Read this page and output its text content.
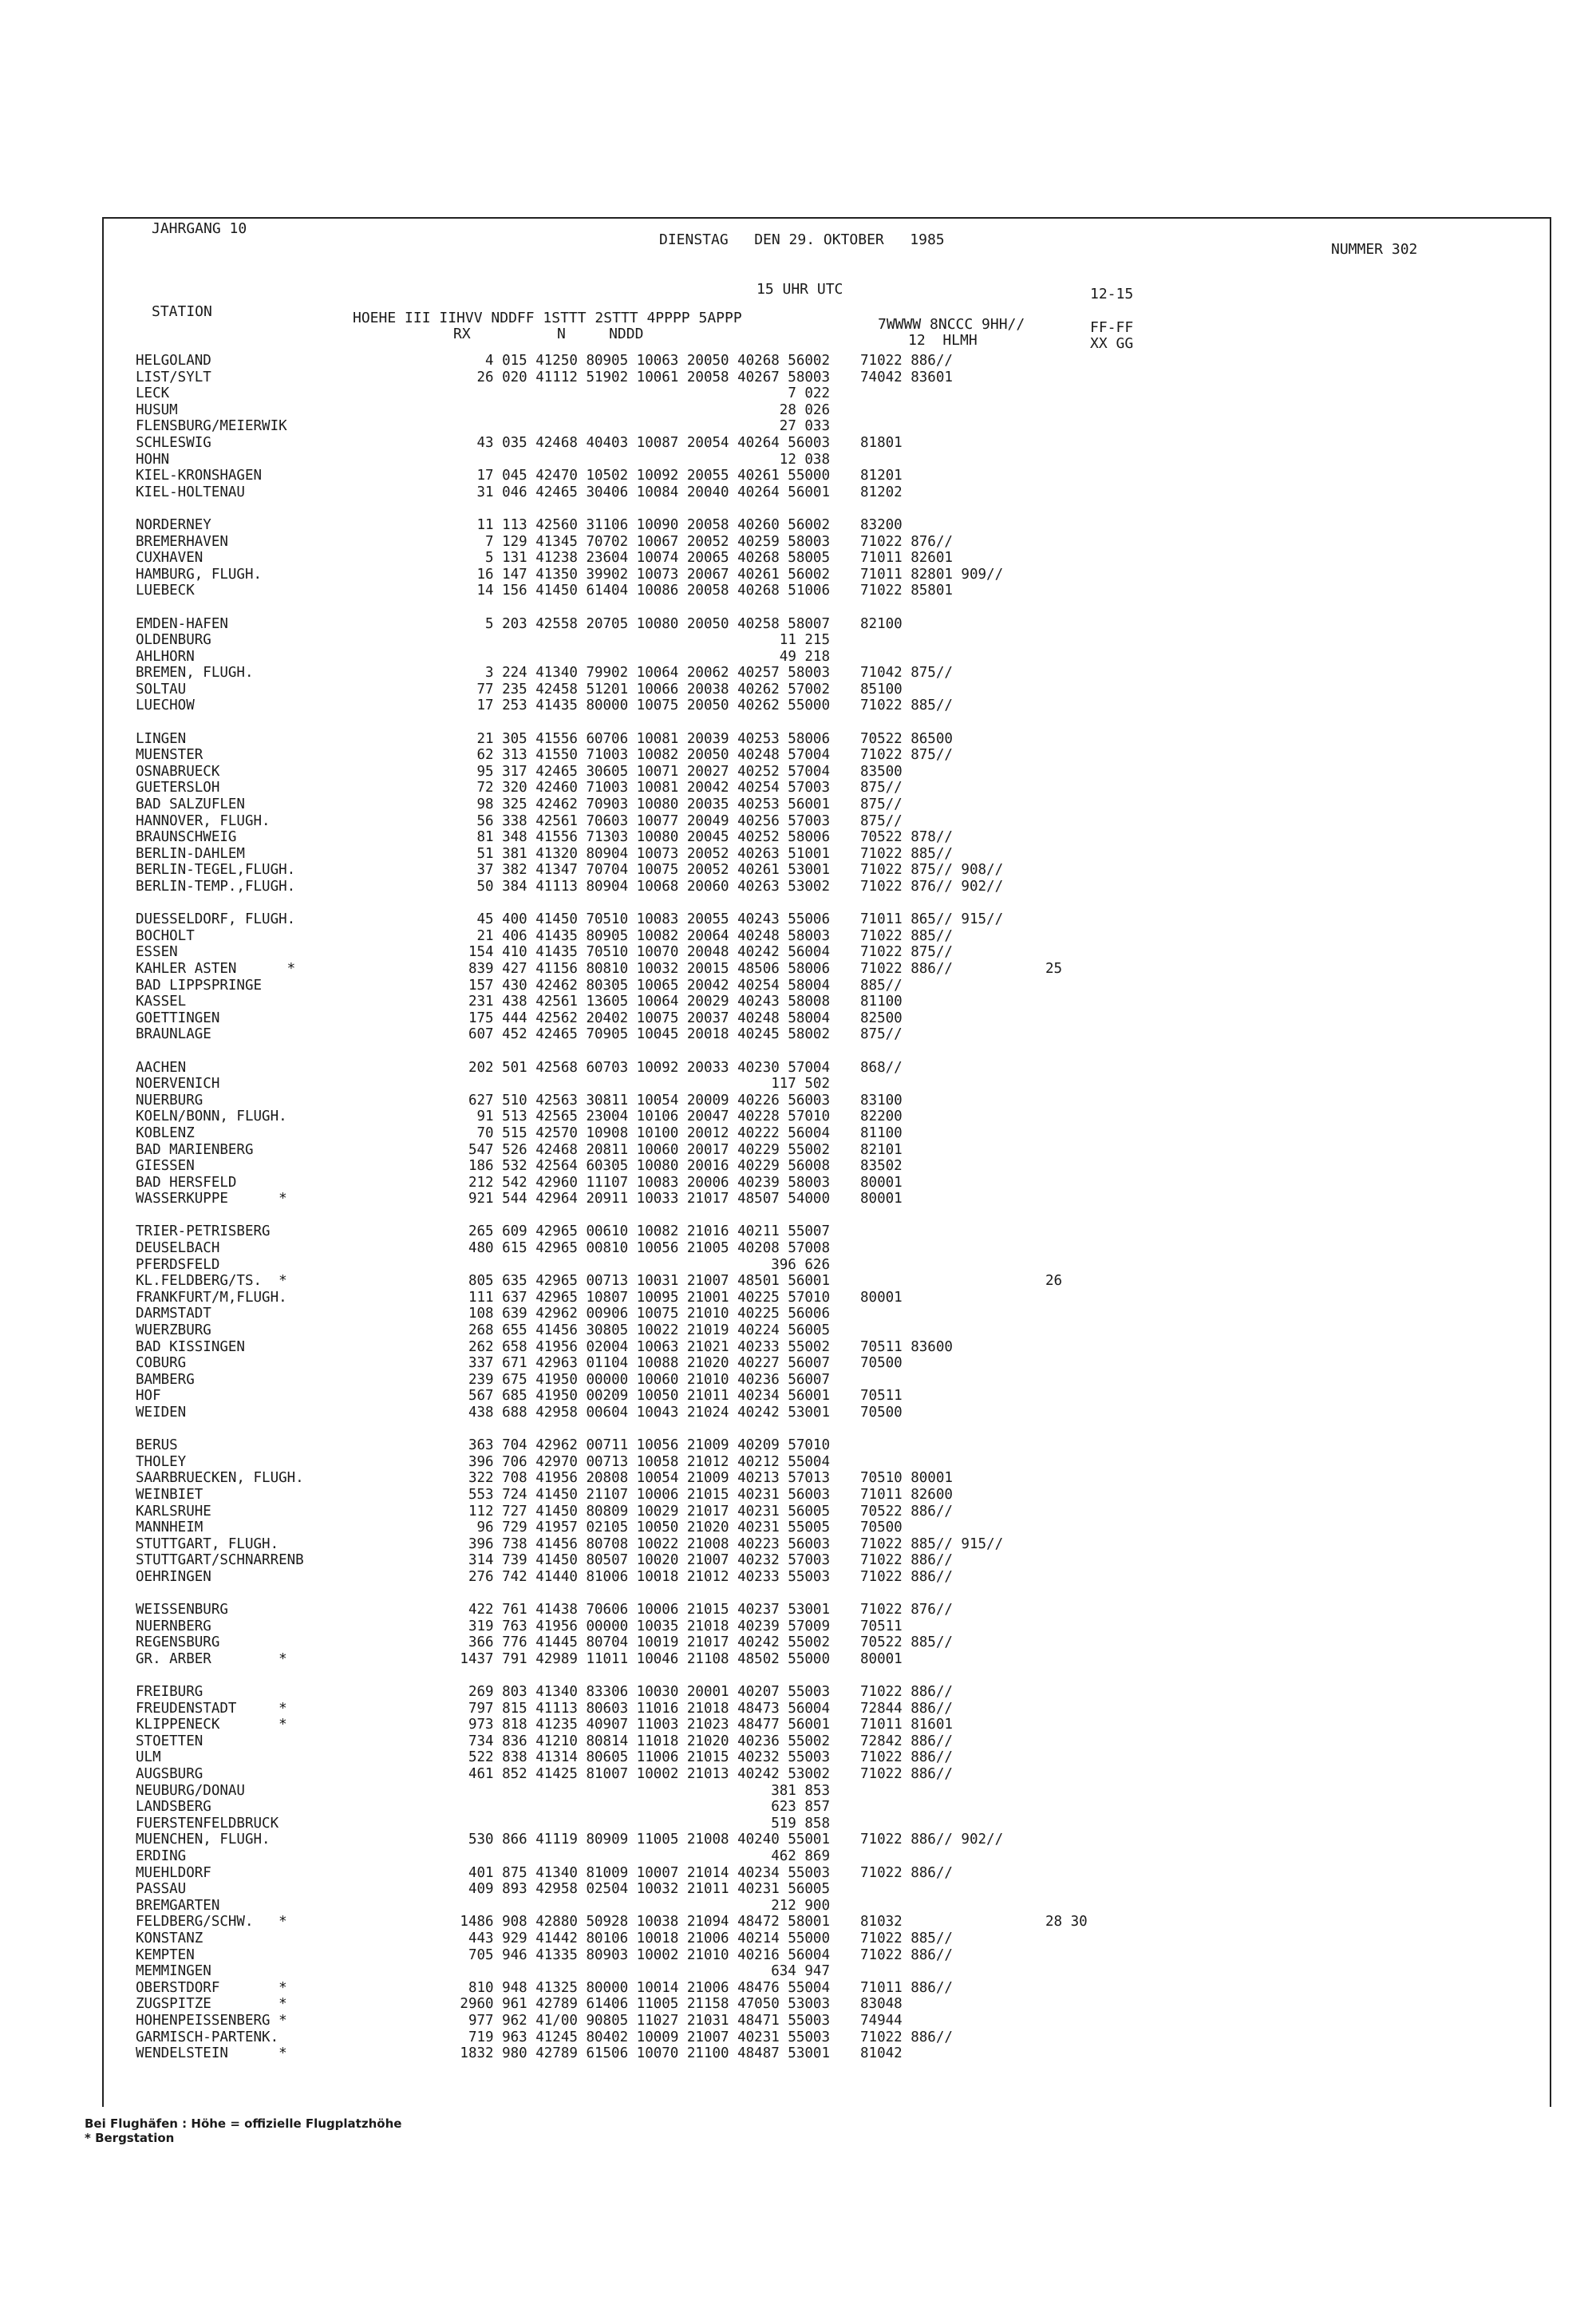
JAHRGANG 10
DIENSTAG   DEN 29. OKTOBER   1985
NUMMER 302
15 UHR UTC	12-15
STATION	HOEHE III IIHVV NDDFF 1STTT 2STTT 4PPPP 5APPP
RX          N     NDDD
7WWWW 8NCCC 9HH//
12  HLMH
FF-FF
XX GG
HELGOLAND
LIST/SYLT
LECK
HUSUM
FLENSBURG/MEIERWIK
SCHLESWIG
HOHN
KIEL-KRONSHAGEN
KIEL-HOLTENAU
NORDERNEY
BREMERHAVEN
CUXHAVEN
HAMBURG, FLUGH.
LUEBECK
EMDEN-HAFEN
OLDENBURG
AHLHORN
BREMEN, FLUGH.
SOLTAU
LUECHOW
LINGEN
MUENSTER
OSNABRUECK
GUETERSLOH
BAD SALZUFLEN
HANNOVER, FLUGH.
BRAUNSCHWEIG
BERLIN-DAHLEM
BERLIN-TEGEL,FLUGH.
BERLIN-TEMP.,FLUGH.
DUESSELDORF, FLUGH.
BOCHOLT
ESSEN
KAHLER ASTEN      *
BAD LIPPSPRINGE
KASSEL
GOETTINGEN
BRAUNLAGE
AACHEN
NOERVENICH
NUERBURG
KOELN/BONN, FLUGH.
KOBLENZ
BAD MARIENBERG
GIESSEN
BAD HERSFELD
WASSERKUPPE      *
TRIER-PETRISBERG
DEUSELBACH
PFERDSFELD
KL.FELDBERG/TS.  *
FRANKFURT/M,FLUGH.
DARMSTADT
WUERZBURG
BAD KISSINGEN
COBURG
BAMBERG
HOF
WEIDEN
BERUS
THOLEY
SAARBRUECKEN, FLUGH.
WEINBIET
KARLSRUHE
MANNHEIM
STUTTGART, FLUGH.
STUTTGART/SCHNARRENB
OEHRINGEN
WEISSENBURG
NUERNBERG
REGENSBURG
GR. ARBER        *
FREIBURG
FREUDENSTADT     *
KLIPPENECK       *
STOETTEN
ULM
AUGSBURG
NEUBURG/DONAU
LANDSBERG
FUERSTENFELDBRUCK
MUENCHEN, FLUGH.
ERDING
MUEHLDORF
PASSAU
BREMGARTEN
FELDBERG/SCHW.   *
KONSTANZ
KEMPTEN
MEMMINGEN
OBERSTDORF       *
ZUGSPITZE        *
HOHENPEISSENBERG *
GARMISCH-PARTENK.
WENDELSTEIN      *
4 015 41250 80905 10063 20050 40268 56002
26 020 41112 51902 10061 20058 40267 58003
7 022
28 026
27 033
43 035 42468 40403 10087 20054 40264 56003
12 038
17 045 42470 10502 10092 20055 40261 55000
31 046 42465 30406 10084 20040 40264 56001
11 113 42560 31106 10090 20058 40260 56002
7 129 41345 70702 10067 20052 40259 58003
5 131 41238 23604 10074 20065 40268 58005
16 147 41350 39902 10073 20067 40261 56002
14 156 41450 61404 10086 20058 40268 51006
5 203 42558 20705 10080 20050 40258 58007
11 215
49 218
3 224 41340 79902 10064 20062 40257 58003
77 235 42458 51201 10066 20038 40262 57002
17 253 41435 80000 10075 20050 40262 55000
21 305 41556 60706 10081 20039 40253 58006
62 313 41550 71003 10082 20050 40248 57004
95 317 42465 30605 10071 20027 40252 57004
72 320 42460 71003 10081 20042 40254 57003
98 325 42462 70903 10080 20035 40253 56001
56 338 42561 70603 10077 20049 40256 57003
81 348 41556 71303 10080 20045 40252 58006
51 381 41320 80904 10073 20052 40263 51001
37 382 41347 70704 10075 20052 40261 53001
50 384 41113 80904 10068 20060 40263 53002
45 400 41450 70510 10083 20055 40243 55006
21 406 41435 80905 10082 20064 40248 58003
154 410 41435 70510 10070 20048 40242 56004
839 427 41156 80810 10032 20015 48506 58006
157 430 42462 80305 10065 20042 40254 58004
231 438 42561 13605 10064 20029 40243 58008
175 444 42562 20402 10075 20037 40248 58004
607 452 42465 70905 10045 20018 40245 58002
202 501 42568 60703 10092 20033 40230 57004
117 502
627 510 42563 30811 10054 20009 40226 56003
91 513 42565 23004 10106 20047 40228 57010
70 515 42570 10908 10100 20012 40222 56004
547 526 42468 20811 10060 20017 40229 55002
186 532 42564 60305 10080 20016 40229 56008
212 542 42960 11107 10083 20006 40239 58003
921 544 42964 20911 10033 21017 48507 54000
265 609 42965 00610 10082 21016 40211 55007
480 615 42965 00810 10056 21005 40208 57008
396 626
805 635 42965 00713 10031 21007 48501 56001
111 637 42965 10807 10095 21001 40225 57010
108 639 42962 00906 10075 21010 40225 56006
268 655 41456 30805 10022 21019 40224 56005
262 658 41956 02004 10063 21021 40233 55002
337 671 42963 01104 10088 21020 40227 56007
239 675 41950 00000 10060 21010 40236 56007
567 685 41950 00209 10050 21011 40234 56001
438 688 42958 00604 10043 21024 40242 53001
363 704 42962 00711 10056 21009 40209 57010
396 706 42970 00713 10058 21012 40212 55004
322 708 41956 20808 10054 21009 40213 57013
553 724 41450 21107 10006 21015 40231 56003
112 727 41450 80809 10029 21017 40231 56005
96 729 41957 02105 10050 21020 40231 55005
396 738 41456 80708 10022 21008 40223 56003
314 739 41450 80507 10020 21007 40232 57003
276 742 41440 81006 10018 21012 40233 55003
422 761 41438 70606 10006 21015 40237 53001
319 763 41956 00000 10035 21018 40239 57009
366 776 41445 80704 10019 21017 40242 55002
1437 791 42989 11011 10046 21108 48502 55000
269 803 41340 83306 10030 20001 40207 55003
797 815 41113 80603 11016 21018 48473 56004
973 818 41235 40907 11003 21023 48477 56001
734 836 41210 80814 11018 21020 40236 55002
522 838 41314 80605 11006 21015 40232 55003
461 852 41425 81007 10002 21013 40242 53002
381 853
623 857
519 858
530 866 41119 80909 11005 21008 40240 55001
462 869
401 875 41340 81009 10007 21014 40234 55003
409 893 42958 02504 10032 21011 40231 56005
212 900
1486 908 42880 50928 10038 21094 48472 58001
443 929 41442 80106 10018 21006 40214 55000
705 946 41335 80903 10002 21010 40216 56004
634 947
810 948 41325 80000 10014 21006 48476 55004
2960 961 42789 61406 11005 21158 47050 53003
977 962 41/00 90805 11027 21031 48471 55003
719 963 41245 80402 10009 21007 40231 55003
1832 980 42789 61506 10070 21100 48487 53001
71022 886//
74042 83601
81801
81201
81202
83200
71022 876//
71011 82601
71011 82801 909//
71022 85801
82100
71042 875//
85100
71022 885//
70522 86500
71022 875//
83500
875//
875//
875//
70522 878//
71022 885//
71022 875// 908//
71022 876// 902//
71011 865// 915//
71022 885//
71022 875//
71022 886//
885//
81100
82500
875//
868//
83100
82200
81100
82101
83502
80001
80001
80001
70511 83600
70500
70511
70500
70510 80001
71011 82600
70522 886//
70500
71022 885// 915//
71022 886//
71022 886//
71022 876//
70511
70522 885//
80001
71022 886//
72844 886//
71011 81601
72842 886//
71022 886//
71022 886//
71022 886// 902//
71022 886//
81032
71022 885//
71022 886//
71011 886//
83048
74944
71022 886//
81042
25
26
28 30
Bei Flughäfen : Höhe = offizielle Flugplatzhöhe
* Bergstation
